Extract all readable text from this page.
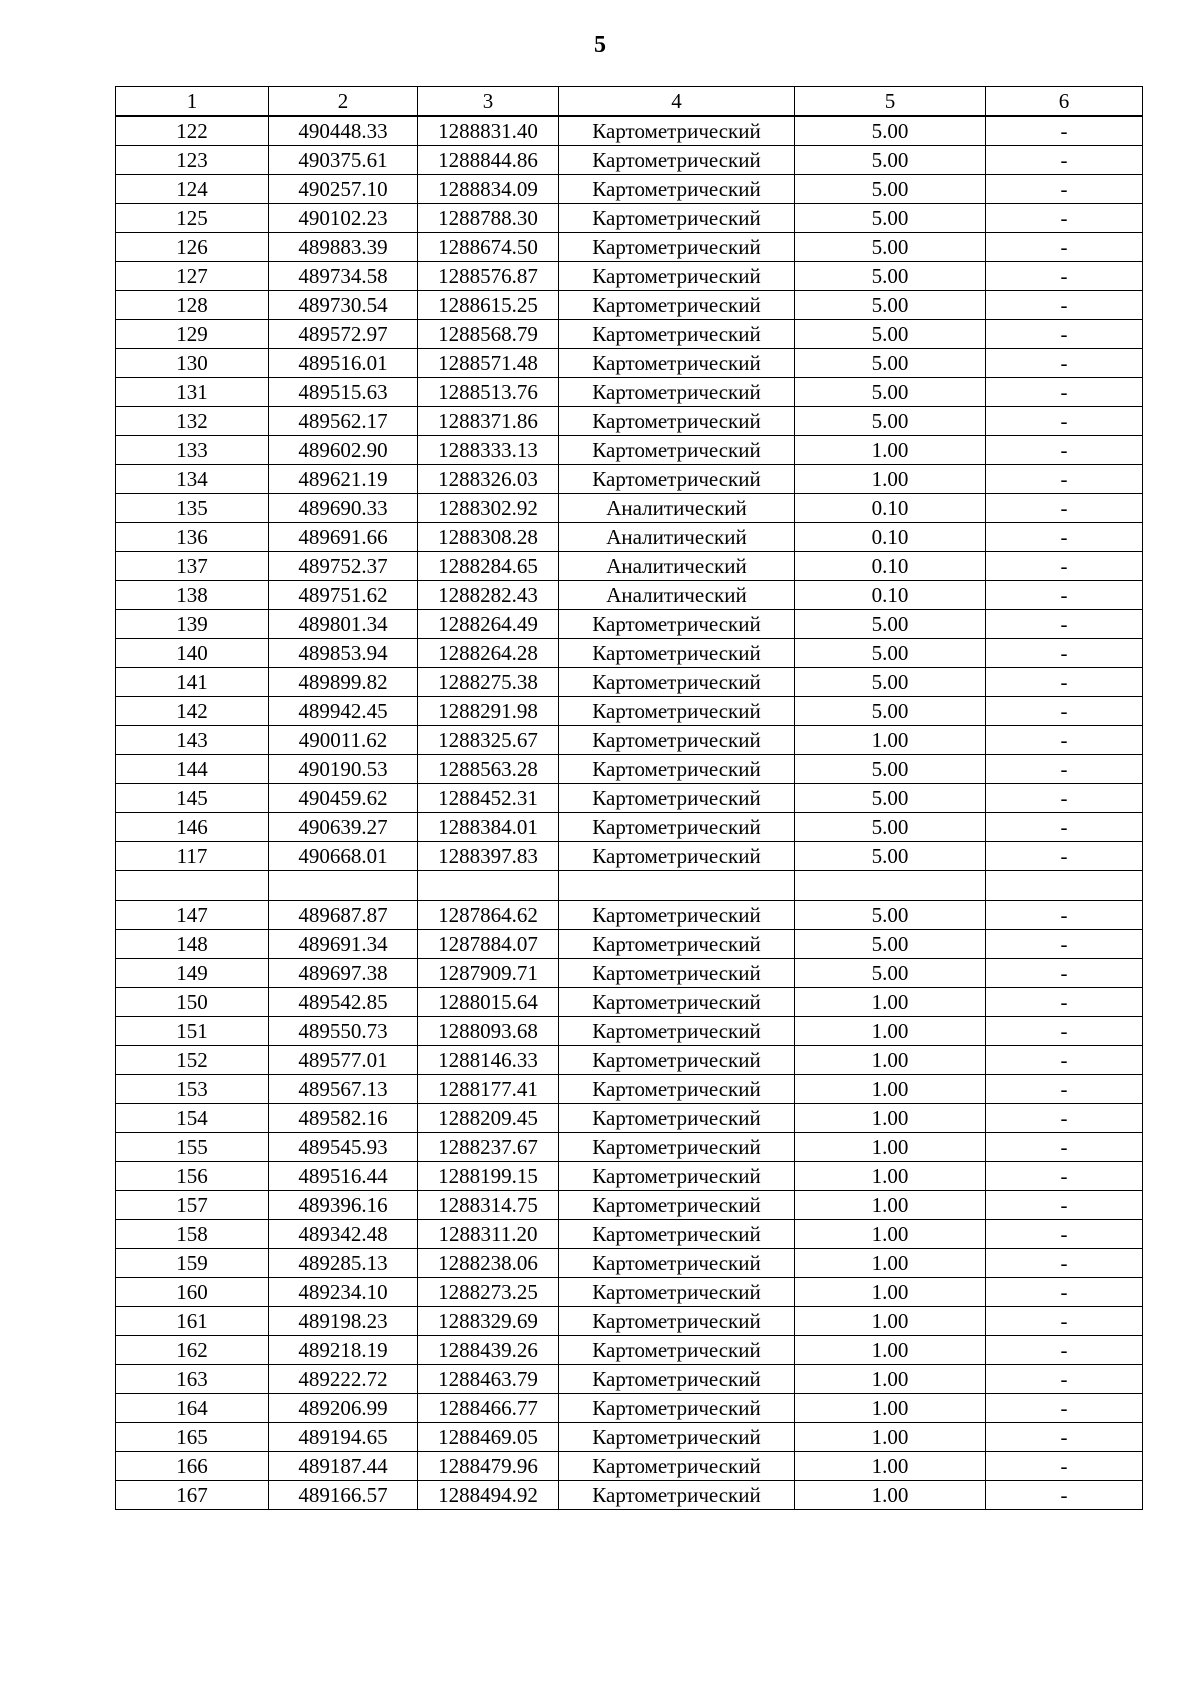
5
1	2	3	4	5	6
122	490448.33	1288831.40	Картометрический	5.00	-
123	490375.61	1288844.86	Картометрический	5.00	-
124	490257.10	1288834.09	Картометрический	5.00	-
125	490102.23	1288788.30	Картометрический	5.00	-
126	489883.39	1288674.50	Картометрический	5.00	-
127	489734.58	1288576.87	Картометрический	5.00	-
128	489730.54	1288615.25	Картометрический	5.00	-
129	489572.97	1288568.79	Картометрический	5.00	-
130	489516.01	1288571.48	Картометрический	5.00	-
131	489515.63	1288513.76	Картометрический	5.00	-
132	489562.17	1288371.86	Картометрический	5.00	-
133	489602.90	1288333.13	Картометрический	1.00	-
134	489621.19	1288326.03	Картометрический	1.00	-
135	489690.33	1288302.92	Аналитический	0.10	-
136	489691.66	1288308.28	Аналитический	0.10	-
137	489752.37	1288284.65	Аналитический	0.10	-
138	489751.62	1288282.43	Аналитический	0.10	-
139	489801.34	1288264.49	Картометрический	5.00	-
140	489853.94	1288264.28	Картометрический	5.00	-
141	489899.82	1288275.38	Картометрический	5.00	-
142	489942.45	1288291.98	Картометрический	5.00	-
143	490011.62	1288325.67	Картометрический	1.00	-
144	490190.53	1288563.28	Картометрический	5.00	-
145	490459.62	1288452.31	Картометрический	5.00	-
146	490639.27	1288384.01	Картометрический	5.00	-
117	490668.01	1288397.83	Картометрический	5.00	-

147	489687.87	1287864.62	Картометрический	5.00	-
148	489691.34	1287884.07	Картометрический	5.00	-
149	489697.38	1287909.71	Картометрический	5.00	-
150	489542.85	1288015.64	Картометрический	1.00	-
151	489550.73	1288093.68	Картометрический	1.00	-
152	489577.01	1288146.33	Картометрический	1.00	-
153	489567.13	1288177.41	Картометрический	1.00	-
154	489582.16	1288209.45	Картометрический	1.00	-
155	489545.93	1288237.67	Картометрический	1.00	-
156	489516.44	1288199.15	Картометрический	1.00	-
157	489396.16	1288314.75	Картометрический	1.00	-
158	489342.48	1288311.20	Картометрический	1.00	-
159	489285.13	1288238.06	Картометрический	1.00	-
160	489234.10	1288273.25	Картометрический	1.00	-
161	489198.23	1288329.69	Картометрический	1.00	-
162	489218.19	1288439.26	Картометрический	1.00	-
163	489222.72	1288463.79	Картометрический	1.00	-
164	489206.99	1288466.77	Картометрический	1.00	-
165	489194.65	1288469.05	Картометрический	1.00	-
166	489187.44	1288479.96	Картометрический	1.00	-
167	489166.57	1288494.92	Картометрический	1.00	-
